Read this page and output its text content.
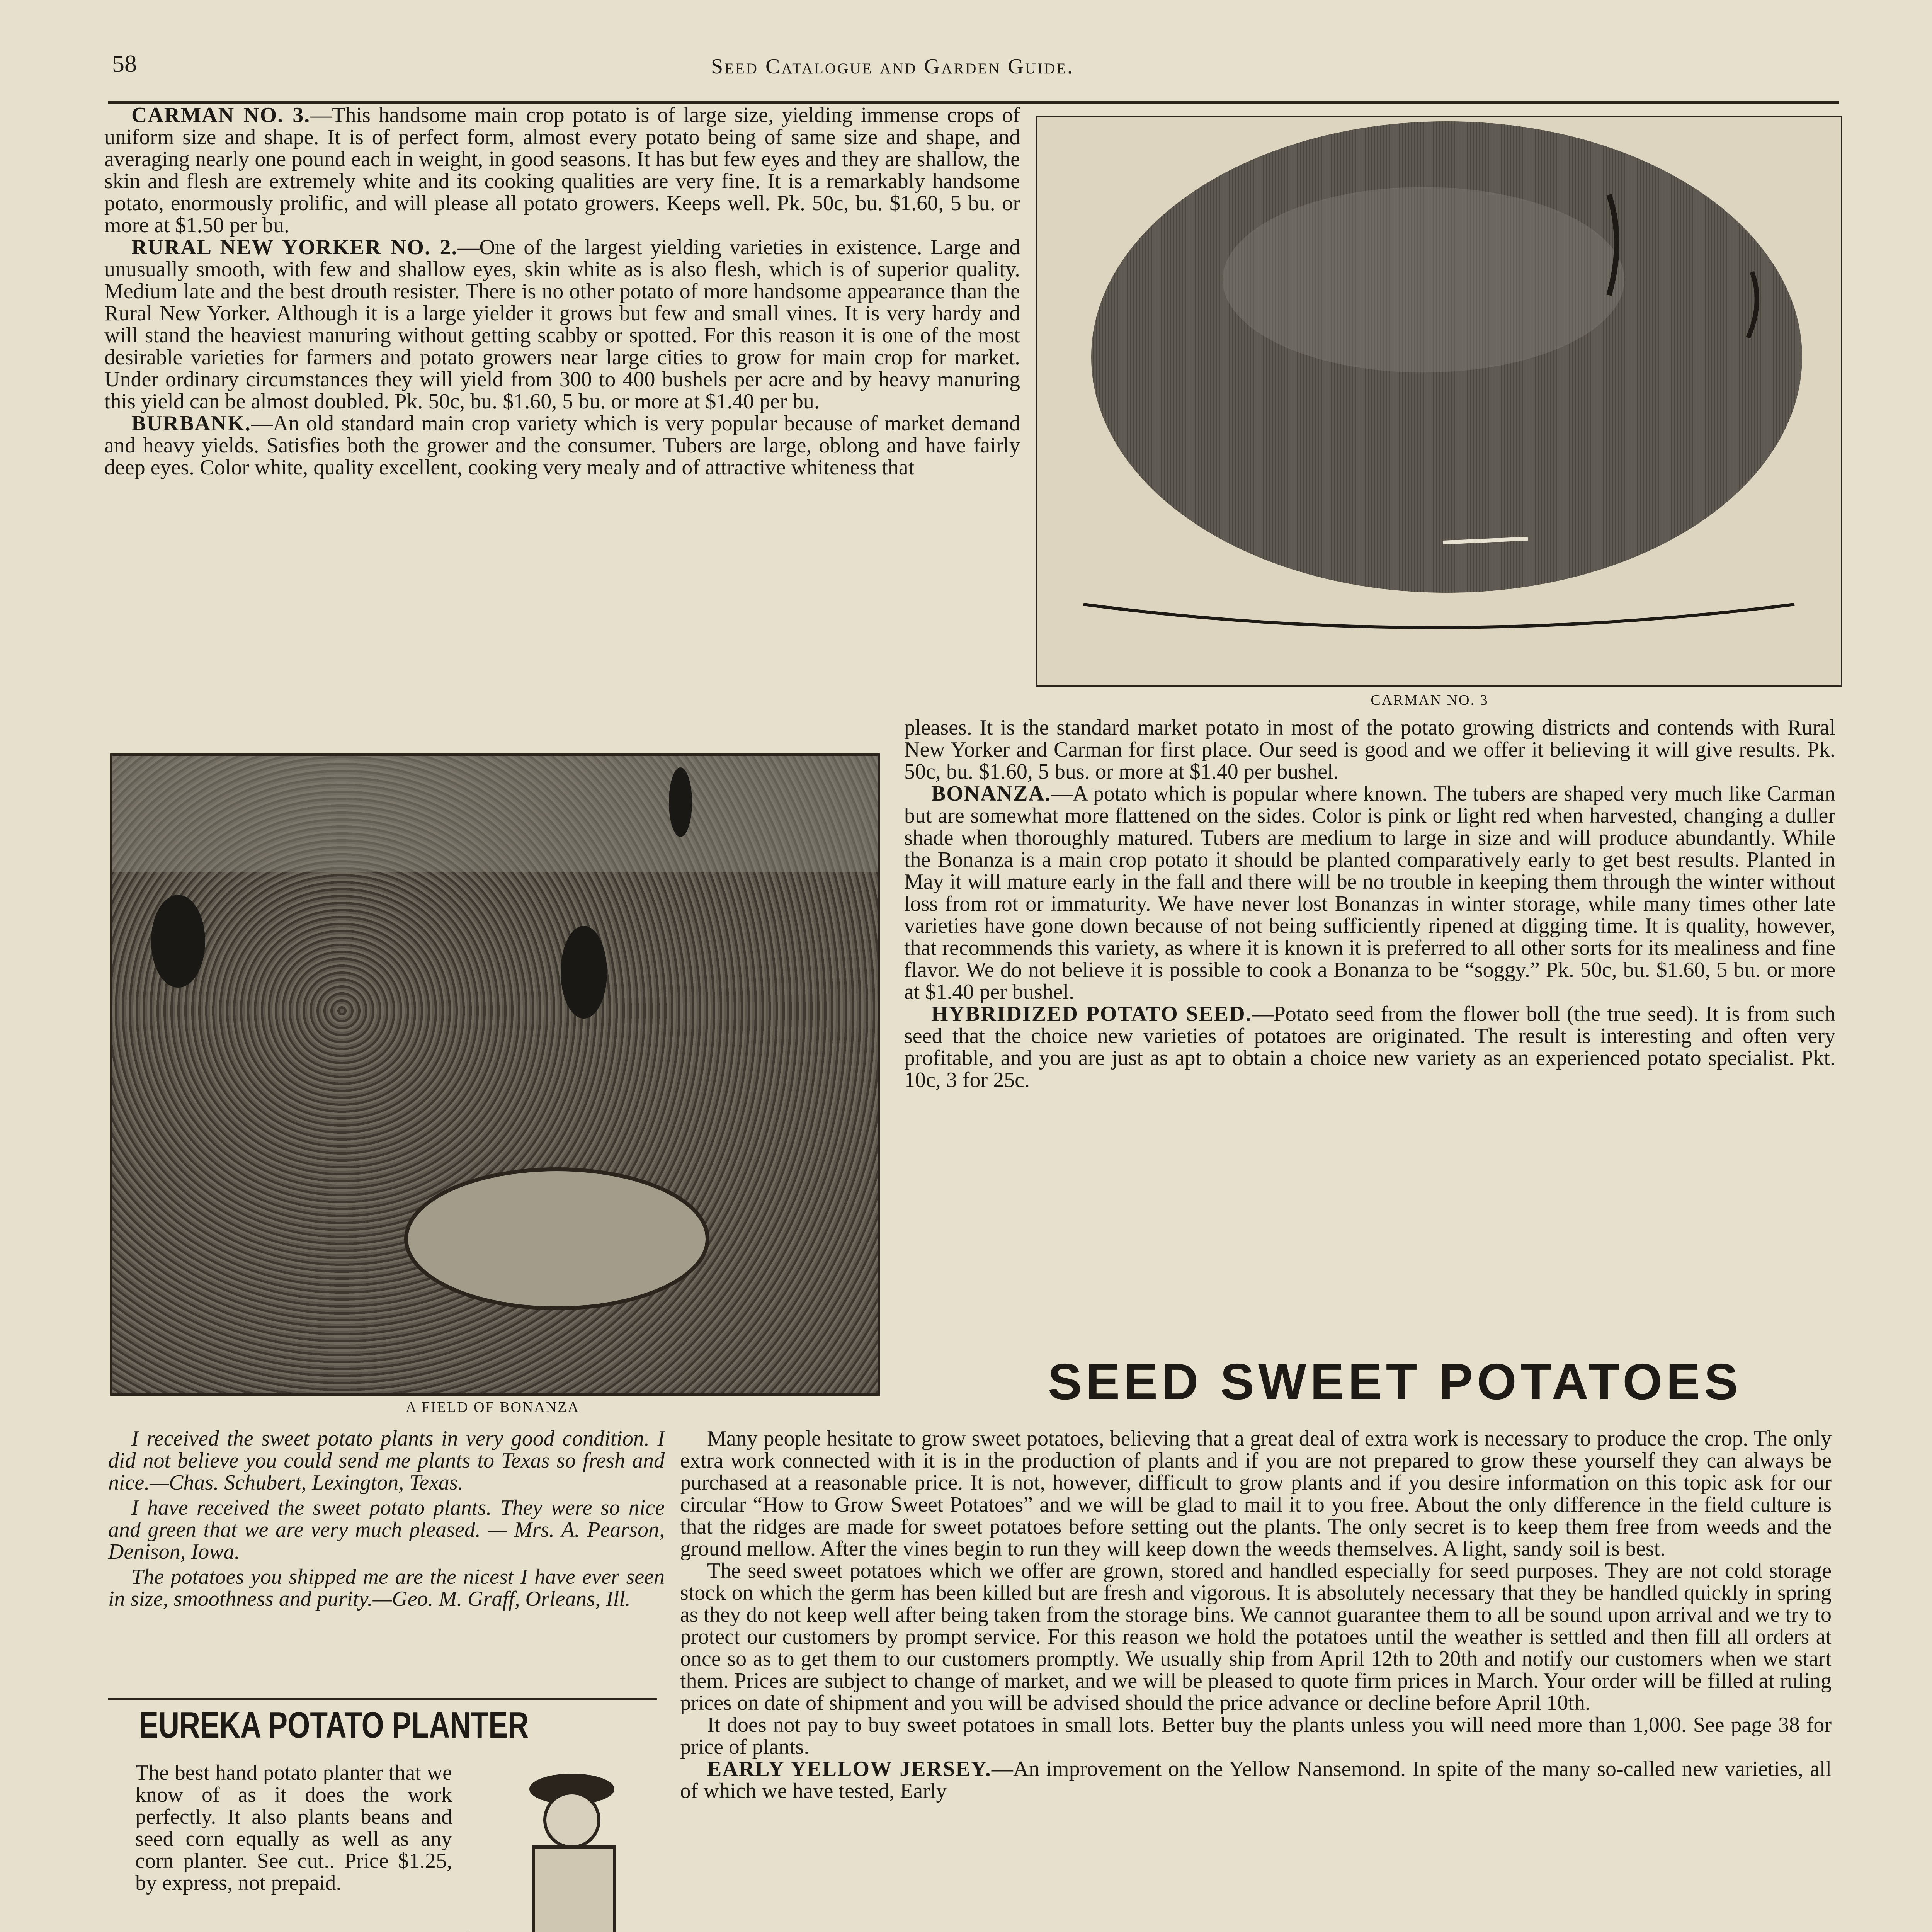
58	Seed Catalogue and Garden Guide.

CARMAN NO. 3.—This handsome main crop potato is of large size, yielding immense crops of uniform size and shape. It is of perfect form, almost every potato being of same size and shape, and averaging nearly one pound each in weight, in good seasons. It has but few eyes and they are shallow, the skin and flesh are extremely white and its cooking qualities are very fine. It is a remarkably handsome potato, enormously prolific, and will please all potato growers. Keeps well. Pk. 50c, bu. $1.60, 5 bu. or more at $1.50 per bu.

RURAL NEW YORKER NO. 2.—One of the largest yielding varieties in existence. Large and unusually smooth, with few and shallow eyes, skin white as is also flesh, which is of superior quality. Medium late and the best drouth resister. There is no other potato of more handsome appearance than the Rural New Yorker. Although it is a large yielder it grows but few and small vines. It is very hardy and will stand the heaviest manuring without getting scabby or spotted. For this reason it is one of the most desirable varieties for farmers and potato growers near large cities to grow for main crop for market. Under ordinary circumstances they will yield from 300 to 400 bushels per acre and by heavy manuring this yield can be almost doubled. Pk. 50c, bu. $1.60, 5 bu. or more at $1.40 per bu.

BURBANK.—An old standard main crop variety which is very popular because of market demand and heavy yields. Satisfies both the grower and the consumer. Tubers are large, oblong and have fairly deep eyes. Color white, quality excellent, cooking very mealy and of attractive whiteness that

CARMAN NO. 3
A FIELD OF BONANZA

pleases. It is the standard market potato in most of the potato growing districts and contends with Rural New Yorker and Carman for first place. Our seed is good and we offer it believing it will give results. Pk. 50c, bu. $1.60, 5 bus. or more at $1.40 per bushel.

BONANZA.—A potato which is popular where known. The tubers are shaped very much like Carman but are somewhat more flattened on the sides. Color is pink or light red when harvested, changing a duller shade when thoroughly matured. Tubers are medium to large in size and will produce abundantly. While the Bonanza is a main crop potato it should be planted comparatively early to get best results. Planted in May it will mature early in the fall and there will be no trouble in keeping them through the winter without loss from rot or immaturity. We have never lost Bonanzas in winter storage, while many times other late varieties have gone down because of not being sufficiently ripened at digging time. It is quality, however, that recommends this variety, as where it is known it is preferred to all other sorts for its mealiness and fine flavor. We do not believe it is possible to cook a Bonanza to be “soggy.” Pk. 50c, bu. $1.60, 5 bu. or more at $1.40 per bushel.

HYBRIDIZED POTATO SEED.—Potato seed from the flower boll (the true seed). It is from such seed that the choice new varieties of potatoes are originated. The result is interesting and often very profitable, and you are just as apt to obtain a choice new variety as an experienced potato specialist. Pkt. 10c, 3 for 25c.

SEED SWEET POTATOES

I received the sweet potato plants in very good condition. I did not believe you could send me plants to Texas so fresh and nice.—Chas. Schubert, Lexington, Texas.

I have received the sweet potato plants. They were so nice and green that we are very much pleased. — Mrs. A. Pearson, Denison, Iowa.

The potatoes you shipped me are the nicest I have ever seen in size, smoothness and purity.—Geo. M. Graff, Orleans, Ill.

EUREKA POTATO PLANTER
The best hand potato planter that we know of as it does the work perfectly. It also plants beans and seed corn equally as well as any corn planter. See cut.. Price $1.25, by express, not prepaid.

Many people hesitate to grow sweet potatoes, believing that a great deal of extra work is necessary to produce the crop. The only extra work connected with it is in the production of plants and if you are not prepared to grow these yourself they can always be purchased at a reasonable price. It is not, however, difficult to grow plants and if you desire information on this topic ask for our circular “How to Grow Sweet Potatoes” and we will be glad to mail it to you free. About the only difference in the field culture is that the ridges are made for sweet potatoes before setting out the plants. The only secret is to keep them free from weeds and the ground mellow. After the vines begin to run they will keep down the weeds themselves. A light, sandy soil is best.

The seed sweet potatoes which we offer are grown, stored and handled especially for seed purposes. They are not cold storage stock on which the germ has been killed but are fresh and vigorous. It is absolutely necessary that they be handled quickly in spring as they do not keep well after being taken from the storage bins. We cannot guarantee them to all be sound upon arrival and we try to protect our customers by prompt service. For this reason we hold the potatoes until the weather is settled and then fill all orders at once so as to get them to our customers promptly. We usually ship from April 12th to 20th and notify our customers when we start them. Prices are subject to change of market, and we will be pleased to quote firm prices in March. Your order will be filled at ruling prices on date of shipment and you will be advised should the price advance or decline before April 10th.

It does not pay to buy sweet potatoes in small lots. Better buy the plants unless you will need more than 1,000. See page 38 for price of plants.

EARLY YELLOW JERSEY.—An improvement on the Yellow Nansemond. In spite of the many so-called new varieties, all of which we have tested, Early
